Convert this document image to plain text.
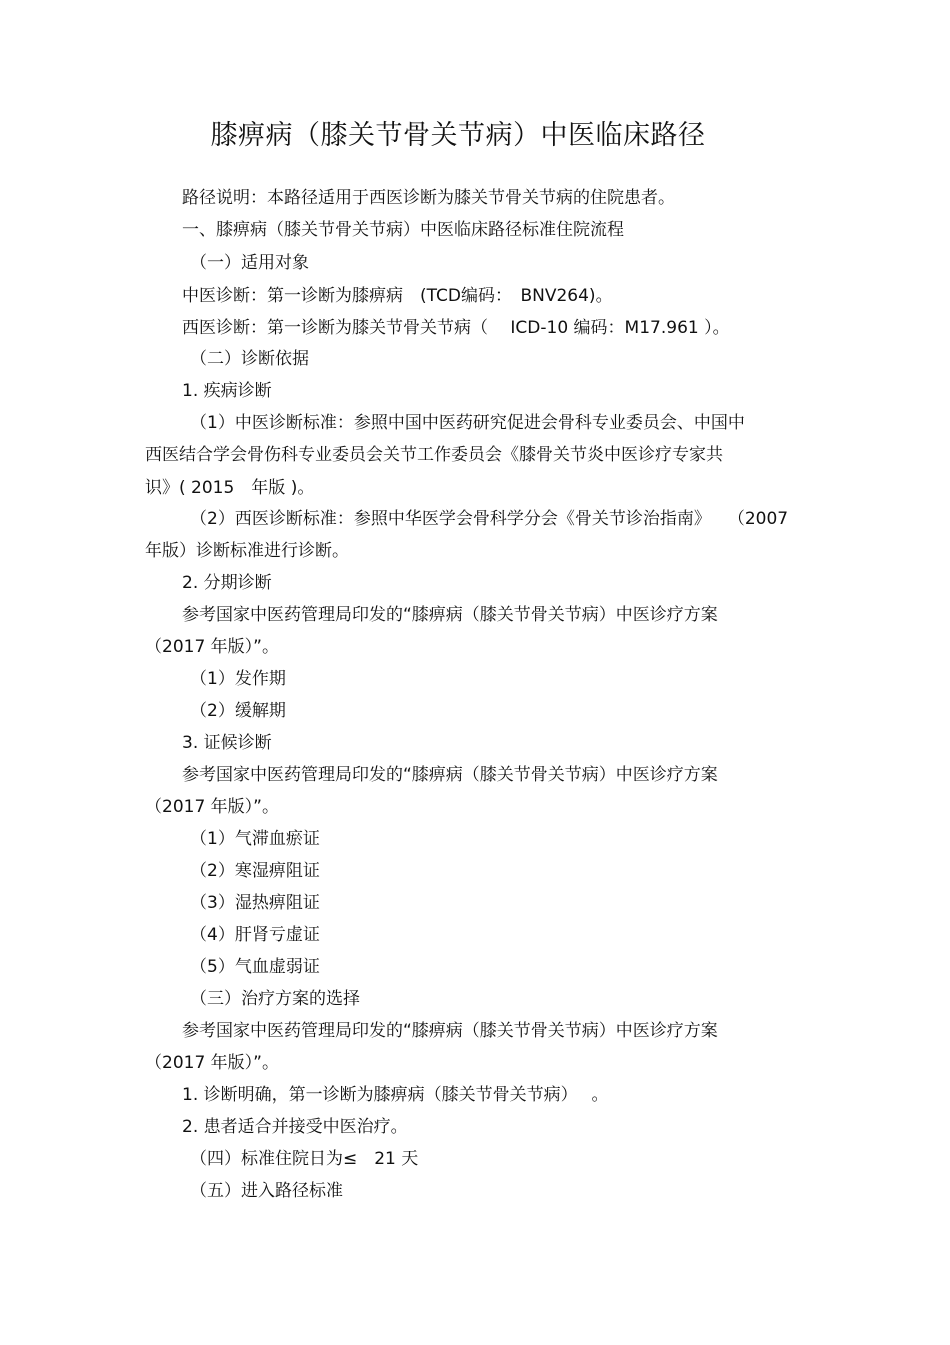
膝痹病（膝关节骨关节病）中医临床路径

路径说明：本路径适用于西医诊断为膝关节骨关节病的住院患者。

一、膝痹病（膝关节骨关节病）中医临床路径标准住院流程

（一）适用对象

中医诊断：第一诊断为膝痹病　(TCD编码：　BNV264)。

西医诊断：第一诊断为膝关节骨关节病（　 ICD-10 编码：M17.961 ）。

（二）诊断依据

1. 疾病诊断

（1）中医诊断标准：参照中国中医药研究促进会骨科专业委员会、中国中

西医结合学会骨伤科专业委员会关节工作委员会《膝骨关节炎中医诊疗专家共

识》( 2015　年版 )。

（2）西医诊断标准：参照中华医学会骨科学分会《骨关节诊治指南》　　（2007

年版）诊断标准进行诊断。

2. 分期诊断

参考国家中医药管理局印发的“膝痹病（膝关节骨关节病）中医诊疗方案

（2017 年版）”。

（1）发作期

（2）缓解期

3. 证候诊断

参考国家中医药管理局印发的“膝痹病（膝关节骨关节病）中医诊疗方案

（2017 年版）”。

（1）气滞血瘀证

（2）寒湿痹阻证

（3）湿热痹阻证

（4）肝肾亏虚证

（5）气血虚弱证

（三）治疗方案的选择

参考国家中医药管理局印发的“膝痹病（膝关节骨关节病）中医诊疗方案

（2017 年版）”。

1. 诊断明确，第一诊断为膝痹病（膝关节骨关节病）　 。

2. 患者适合并接受中医治疗。

（四）标准住院日为≤　21 天

（五）进入路径标准
